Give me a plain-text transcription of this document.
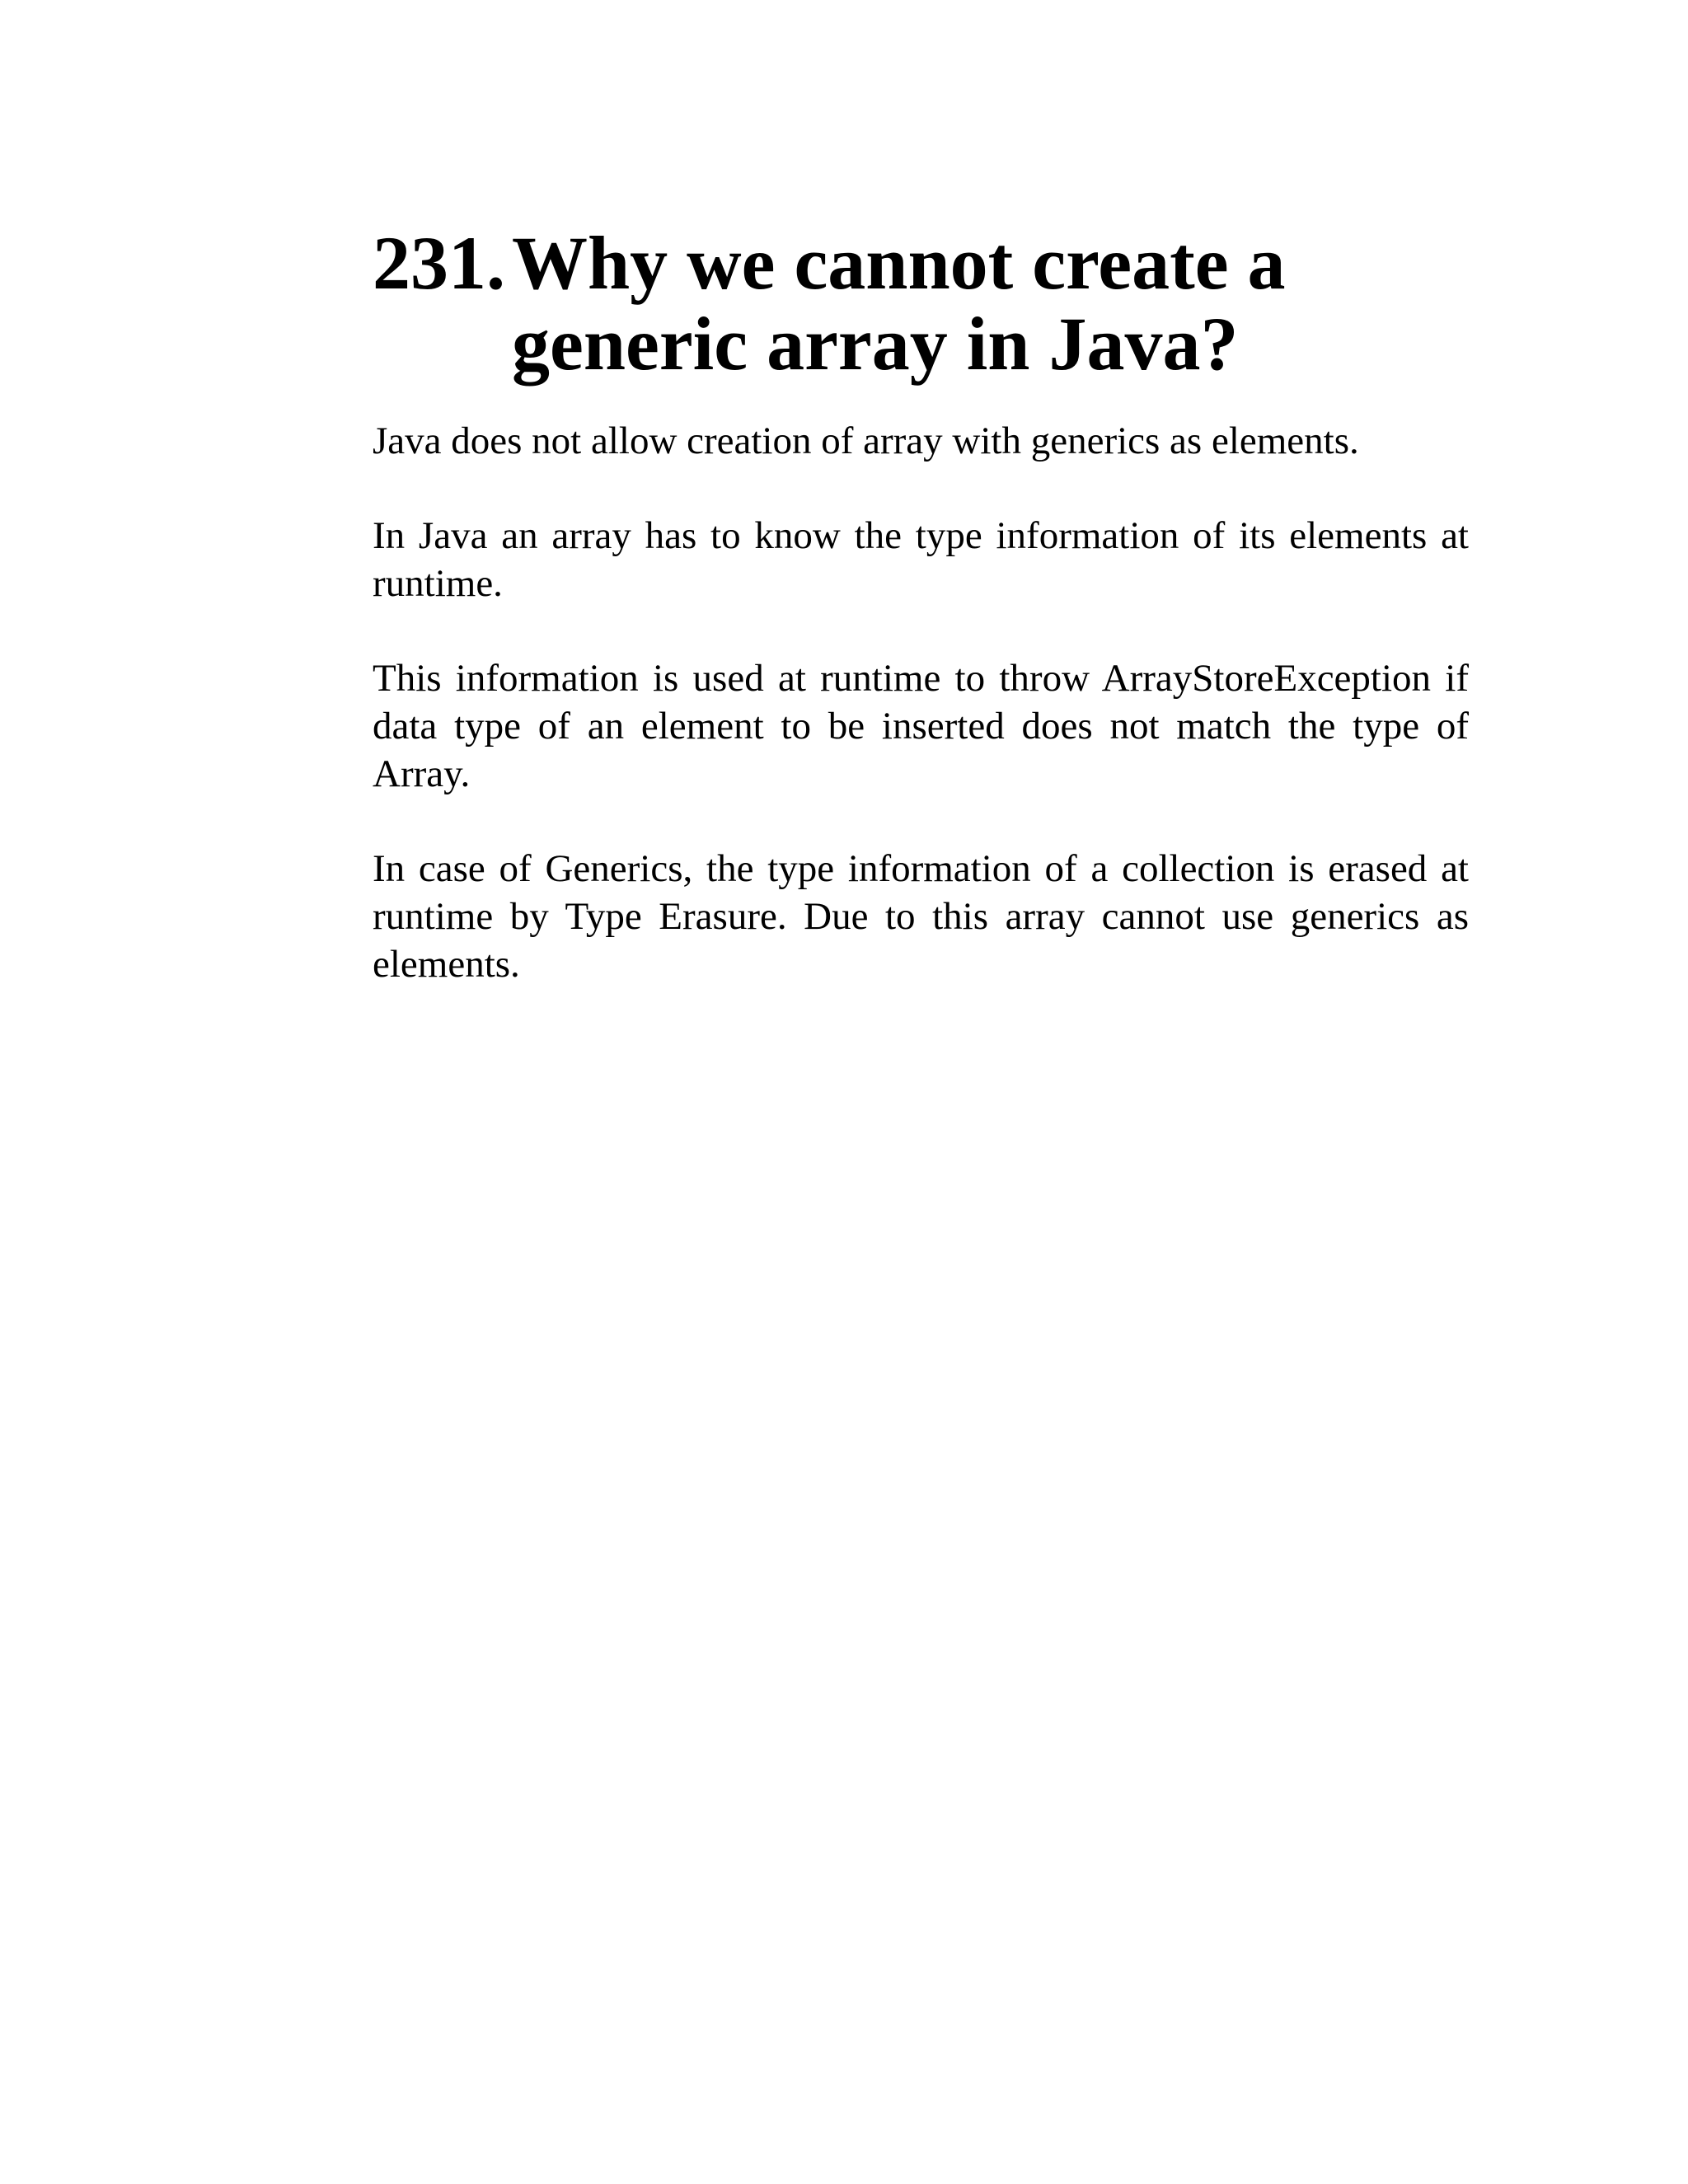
231. Why we cannot create a generic array in Java?

Java does not allow creation of array with generics as elements.

In Java an array has to know the type information of its elements at runtime.

This information is used at runtime to throw ArrayStoreException if data type of an element to be inserted does not match the type of Array.

In case of Generics, the type information of a collection is erased at runtime by Type Erasure. Due to this array cannot use generics as elements.
